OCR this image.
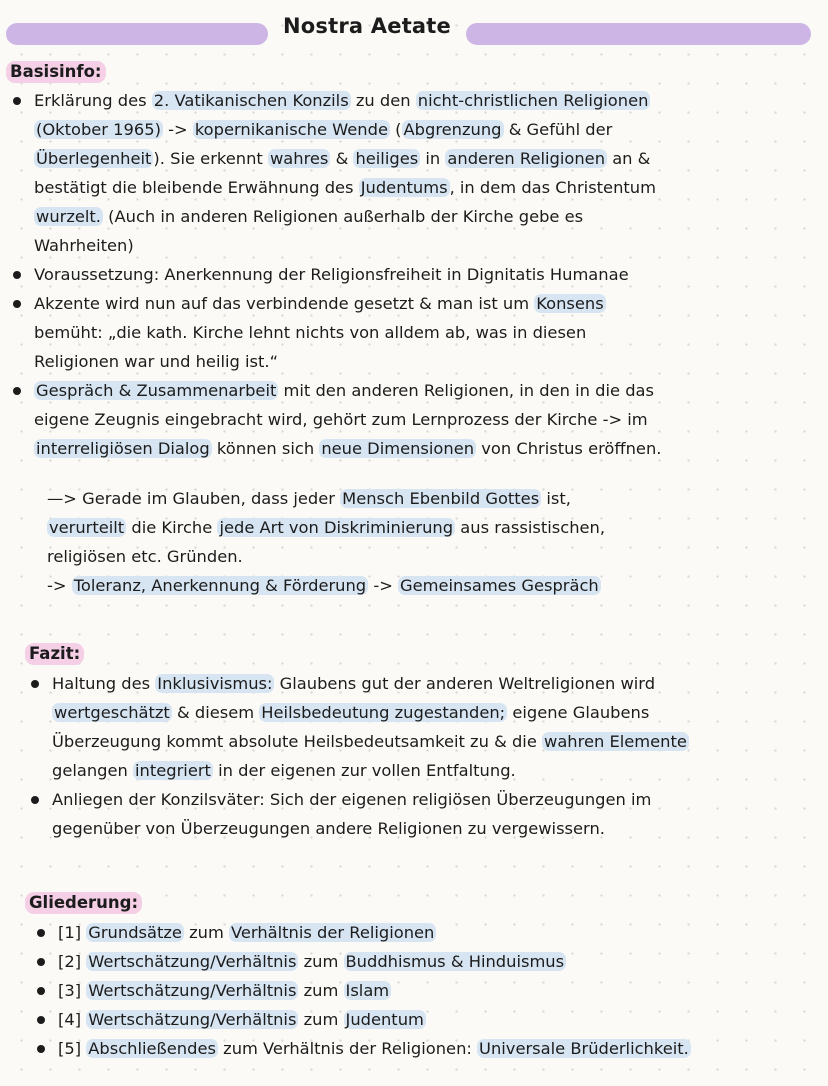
Nostra Aetate
Basisinfo:
Erklärung des 2. Vatikanischen Konzils zu den nicht-christlichen Religionen
(Oktober 1965) -> kopernikanische Wende ( Abgrenzung & Gefühl der
Überlegenheit ). Sie erkennt wahres & heiliges in anderen Religionen an &
bestätigt die bleibende Erwähnung des Judentums , in dem das Christentum
wurzelt. (Auch in anderen Religionen außerhalb der Kirche gebe es
Wahrheiten)
Voraussetzung: Anerkennung der Religionsfreiheit in Dignitatis Humanae
Akzente wird nun auf das verbindende gesetzt & man ist um Konsens
bemüht: „die kath. Kirche lehnt nichts von alldem ab, was in diesen
Religionen war und heilig ist.“
Gespräch & Zusammenarbeit mit den anderen Religionen, in den in die das
eigene Zeugnis eingebracht wird, gehört zum Lernprozess der Kirche -> im
interreligiösen Dialog können sich neue Dimensionen von Christus eröffnen.

—> Gerade im Glauben, dass jeder Mensch Ebenbild Gottes ist,
verurteilt die Kirche jede Art von Diskriminierung aus rassistischen,
religiösen etc. Gründen.
-> Toleranz, Anerkennung & Förderung -> Gemeinsames Gespräch

Fazit:
Haltung des Inklusivismus: Glaubens gut der anderen Weltreligionen wird
wertgeschätzt & diesem Heilsbedeutung zugestanden; eigene Glaubens
Überzeugung kommt absolute Heilsbedeutsamkeit zu & die wahren Elemente
gelangen integriert in der eigenen zur vollen Entfaltung.
Anliegen der Konzilsväter: Sich der eigenen religiösen Überzeugungen im
gegenüber von Überzeugungen andere Religionen zu vergewissern.
Gliederung:
[1] Grundsätze zum Verhältnis der Religionen
[2] Wertschätzung/Verhältnis zum Buddhismus & Hinduismus
[3] Wertschätzung/Verhältnis zum Islam
[4] Wertschätzung/Verhältnis zum Judentum
[5] Abschließendes zum Verhältnis der Religionen: Universale Brüderlichkeit.
